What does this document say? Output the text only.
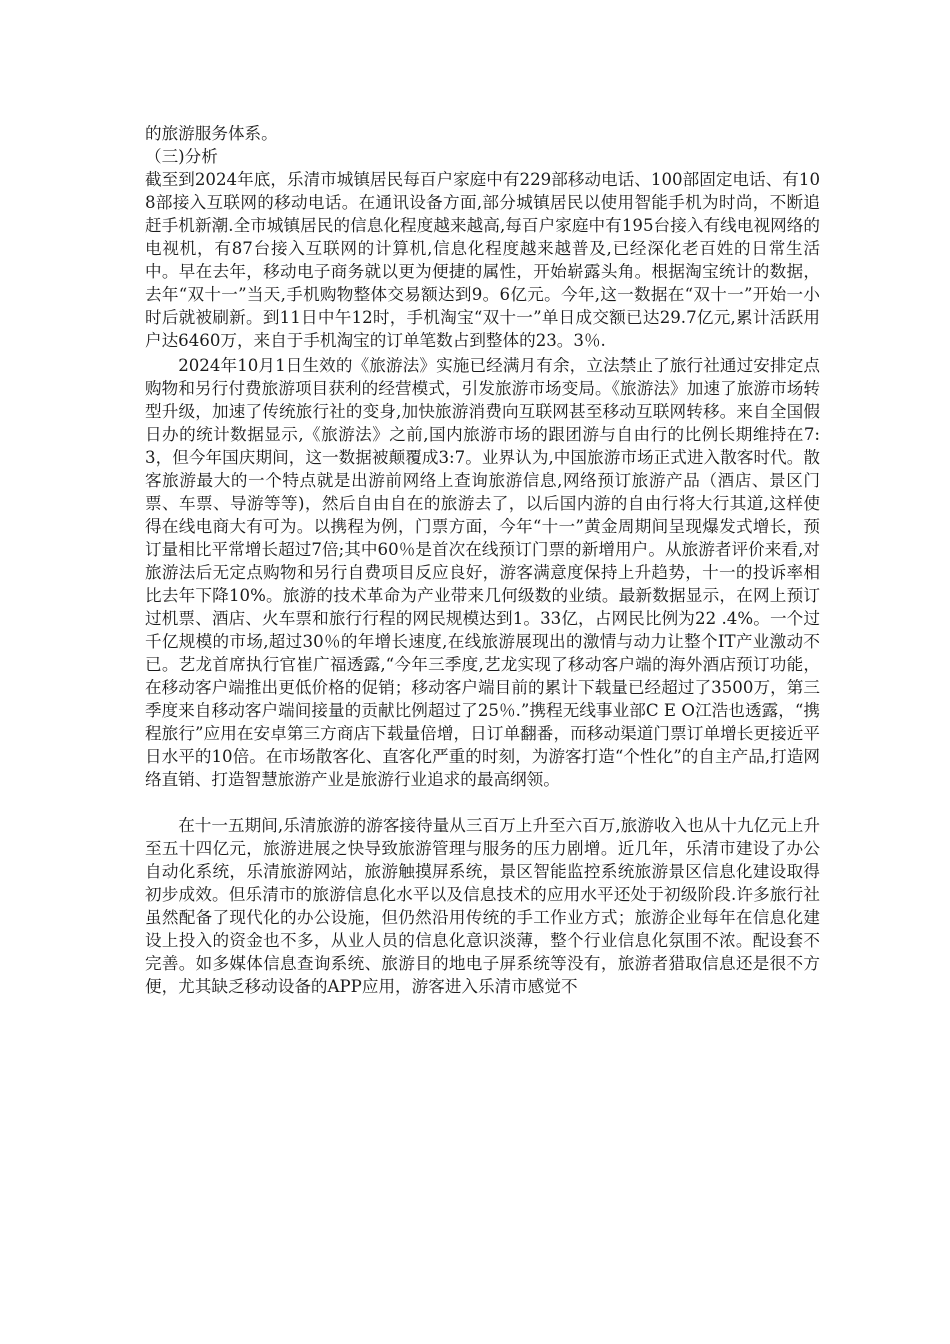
的旅游服务体系。

（三)分析

截至到2024年底，乐清市城镇居民每百户家庭中有229部移动电话、100部固定电话、有108部接入互联网的移动电话。在通讯设备方面,部分城镇居民以使用智能手机为时尚，不断追赶手机新潮.全市城镇居民的信息化程度越来越高,每百户家庭中有195台接入有线电视网络的电视机，有87台接入互联网的计算机,信息化程度越来越普及,已经深化老百姓的日常生活中。早在去年，移动电子商务就以更为便捷的属性，开始崭露头角。根据淘宝统计的数据，去年“双十一”当天,手机购物整体交易额达到9。6亿元。今年,这一数据在“双十一”开始一小时后就被刷新。到11日中午12时，手机淘宝“双十一”单日成交额已达29.7亿元,累计活跃用户达6460万，来自于手机淘宝的订单笔数占到整体的23。3％.

2024年10月1日生效的《旅游法》实施已经满月有余，立法禁止了旅行社通过安排定点购物和另行付费旅游项目获利的经营模式，引发旅游市场变局。《旅游法》加速了旅游市场转型升级，加速了传统旅行社的变身,加快旅游消费向互联网甚至移动互联网转移。来自全国假日办的统计数据显示,《旅游法》之前,国内旅游市场的跟团游与自由行的比例长期维持在7:3，但今年国庆期间，这一数据被颠覆成3:7。业界认为,中国旅游市场正式进入散客时代。散客旅游最大的一个特点就是出游前网络上查询旅游信息,网络预订旅游产品（酒店、景区门票、车票、导游等等)，然后自由自在的旅游去了，以后国内游的自由行将大行其道,这样使得在线电商大有可为。以携程为例，门票方面，今年“十一”黄金周期间呈现爆发式增长，预订量相比平常增长超过7倍;其中60％是首次在线预订门票的新增用户。从旅游者评价来看,对旅游法后无定点购物和另行自费项目反应良好，游客满意度保持上升趋势，十一的投诉率相比去年下降10%。旅游的技术革命为产业带来几何级数的业绩。最新数据显示，在网上预订过机票、酒店、火车票和旅行行程的网民规模达到1。33亿，占网民比例为22 .4%。一个过千亿规模的市场,超过30％的年增长速度,在线旅游展现出的激情与动力让整个IT产业激动不已。艺龙首席执行官崔广福透露,“今年三季度,艺龙实现了移动客户端的海外酒店预订功能，在移动客户端推出更低价格的促销；移动客户端目前的累计下载量已经超过了3500万，第三季度来自移动客户端间接量的贡献比例超过了25％.”携程无线事业部C E O江浩也透露，“携程旅行”应用在安卓第三方商店下载量倍增，日订单翻番，而移动渠道门票订单增长更接近平日水平的10倍。在市场散客化、直客化严重的时刻，为游客打造“个性化”的自主产品,打造网络直销、打造智慧旅游产业是旅游行业追求的最高纲领。

在十一五期间,乐清旅游的游客接待量从三百万上升至六百万,旅游收入也从十九亿元上升至五十四亿元，旅游进展之快导致旅游管理与服务的压力剧增。近几年，乐清市建设了办公自动化系统，乐清旅游网站，旅游触摸屏系统，景区智能监控系统旅游景区信息化建设取得初步成效。但乐清市的旅游信息化水平以及信息技术的应用水平还处于初级阶段.许多旅行社虽然配备了现代化的办公设施，但仍然沿用传统的手工作业方式；旅游企业每年在信息化建设上投入的资金也不多，从业人员的信息化意识淡薄，整个行业信息化氛围不浓。配设套不完善。如多媒体信息查询系统、旅游目的地电子屏系统等没有，旅游者猎取信息还是很不方便，尤其缺乏移动设备的APP应用，游客进入乐清市感觉不
